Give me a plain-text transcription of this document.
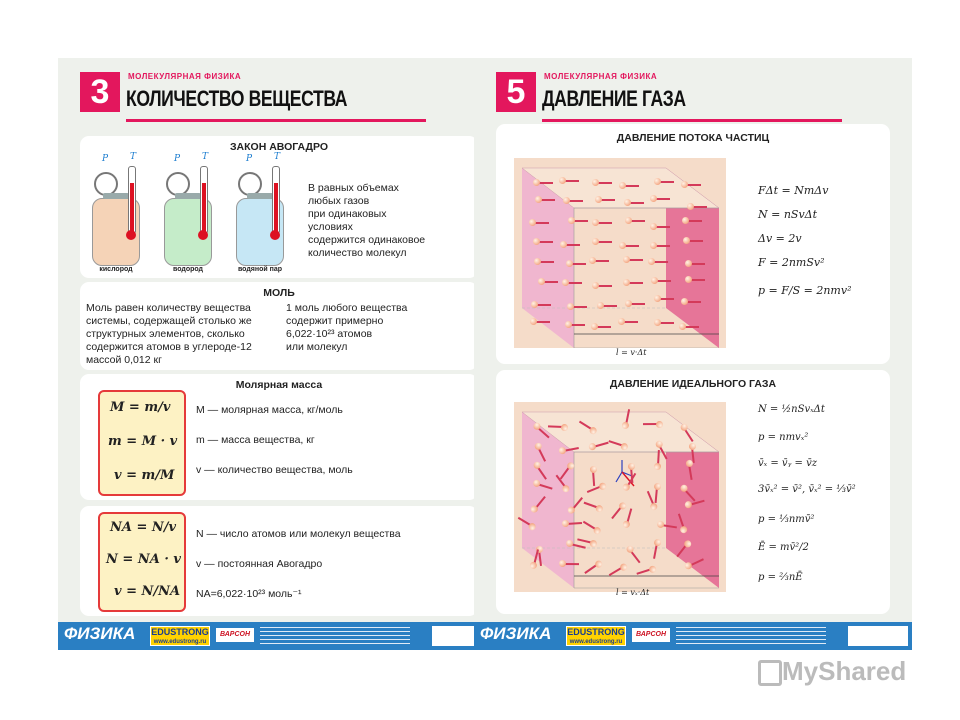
3	МОЛЕКУЛЯРНАЯ ФИЗИКА
КОЛИЧЕСТВО ВЕЩЕСТВА
ЗАКОН АВОГАДРО
P T
кислород
P T
водород
P T
водяной пар
В равных объемах
любых газов
при одинаковых
условиях
содержится одинаковое
количество молекул
МОЛЬ
Моль равен количеству вещества
системы, содержащей столько же
структурных элементов, сколько
содержится атомов в углероде-12
массой 0,012 кг
1 моль любого вещества
содержит примерно
6,022·10²³ атомов
или молекул
Молярная масса
M = m/v
m = M · v
v = m/M
M — молярная масса, кг/моль
m — масса вещества, кг
v — количество вещества, моль
NA = N/v
N = NA · v
v = N/NA
N — число атомов или молекул вещества
v — постоянная Авогадро
NA=6,022·10²³ моль⁻¹
ФИЗИКА EDUSTRONG
www.edustrong.ru
ВАРСОН
5	МОЛЕКУЛЯРНАЯ ФИЗИКА
ДАВЛЕНИЕ ГАЗА
ДАВЛЕНИЕ ПОТОКА ЧАСТИЦ
l = v·Δt
FΔt = NmΔv
N = nSvΔt
Δv = 2v
F = 2nmSv²
p = F/S = 2nmv²
ДАВЛЕНИЕ ИДЕАЛЬНОГО ГАЗА
l = vₓ·Δt
N = ½nSvₓΔt
p = nmvₓ²
v̄ₓ = v̄ᵧ = v̄z
3v̄ₓ² = v̄², v̄ₓ² = ⅓v̄²
p = ⅓nmv̄²
Ē = mv̄²/2
p = ⅔nĒ
ФИЗИКА EDUSTRONG
www.edustrong.ru
ВАРСОН
MyShared
